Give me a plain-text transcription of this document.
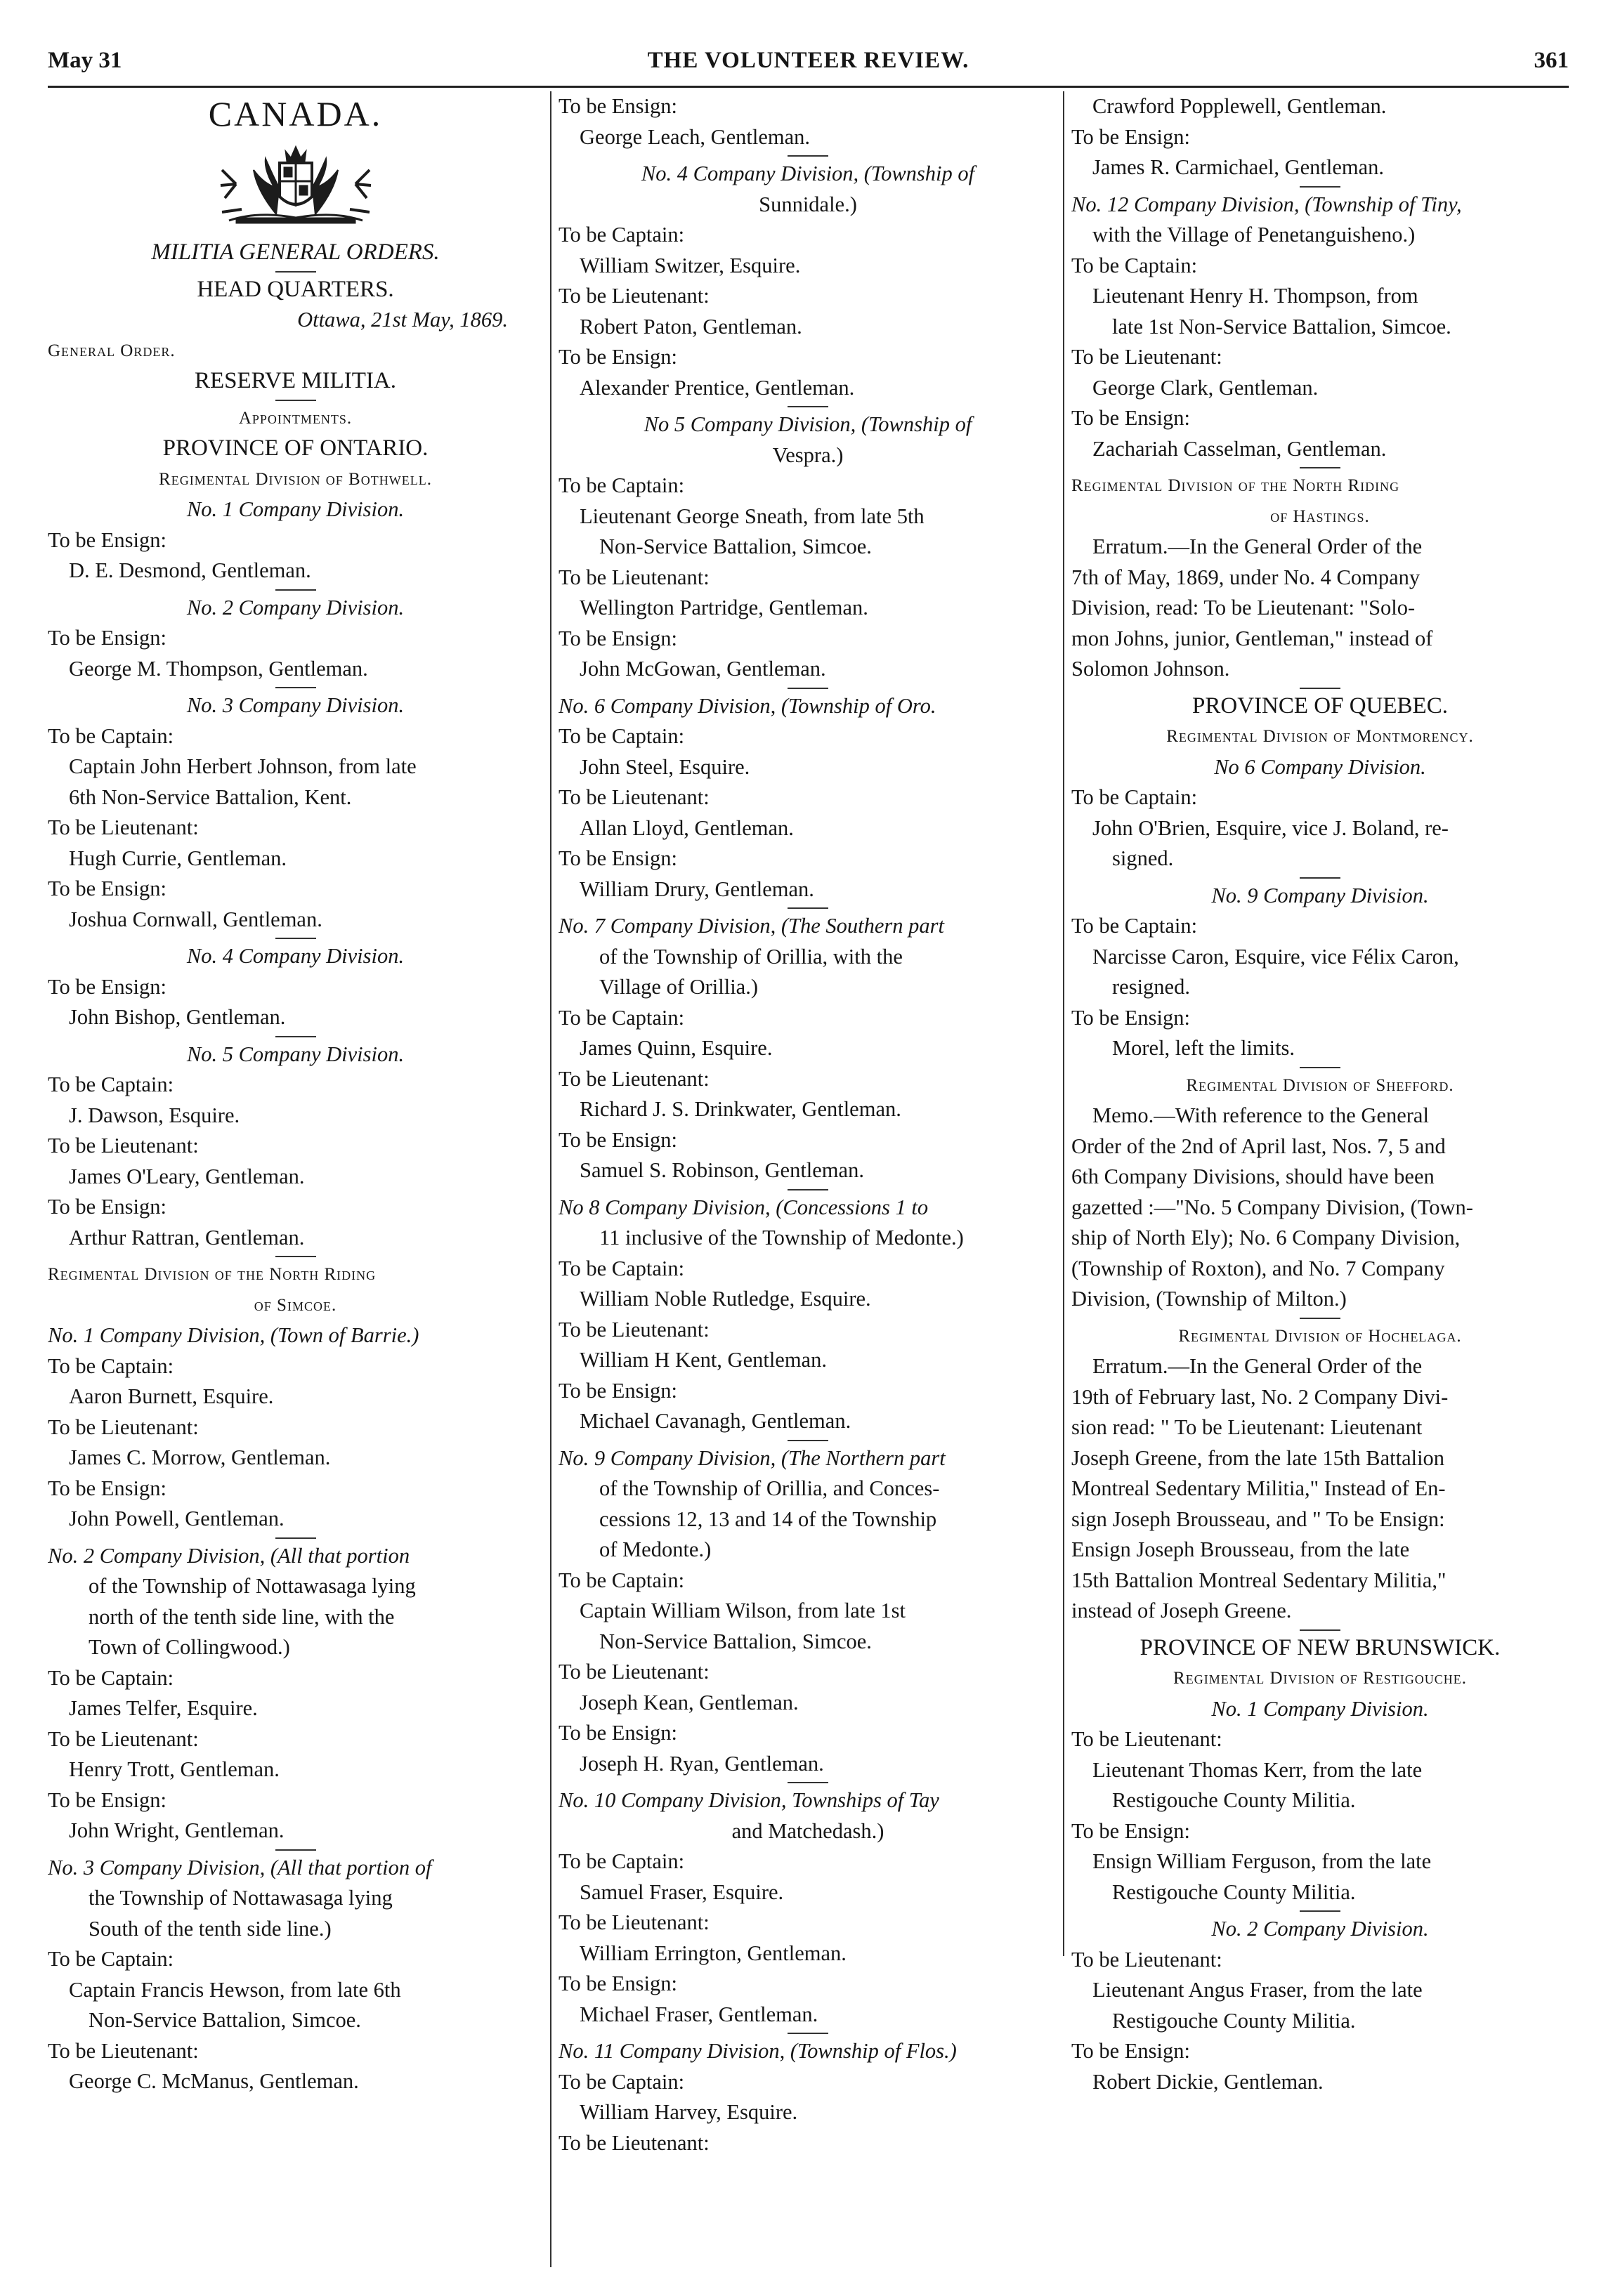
May 31	THE VOLUNTEER REVIEW.	361
CANADA.
MILITIA GENERAL ORDERS.
HEAD QUARTERS.
Ottawa, 21st May, 1869.
General Order.
RESERVE MILITIA.
Appointments.
PROVINCE OF ONTARIO.
Regimental Division of Bothwell.
No. 1 Company Division.
To be Ensign:
D. E. Desmond, Gentleman.
No. 2 Company Division.
To be Ensign:
George M. Thompson, Gentleman.
No. 3 Company Division.
To be Captain:
Captain John Herbert Johnson, from late
6th Non-Service Battalion, Kent.
To be Lieutenant:
Hugh Currie, Gentleman.
To be Ensign:
Joshua Cornwall, Gentleman.
No. 4 Company Division.
To be Ensign:
John Bishop, Gentleman.
No. 5 Company Division.
To be Captain:
J. Dawson, Esquire.
To be Lieutenant:
James O'Leary, Gentleman.
To be Ensign:
Arthur Rattran, Gentleman.
Regimental Division of the North Riding
of Simcoe.
No. 1 Company Division, (Town of Barrie.)
To be Captain:
Aaron Burnett, Esquire.
To be Lieutenant:
James C. Morrow, Gentleman.
To be Ensign:
John Powell, Gentleman.
No. 2 Company Division, (All that portion
of the Township of Nottawasaga lying
north of the tenth side line, with the
Town of Collingwood.)
To be Captain:
James Telfer, Esquire.
To be Lieutenant:
Henry Trott, Gentleman.
To be Ensign:
John Wright, Gentleman.
No. 3 Company Division, (All that portion of
the Township of Nottawasaga lying
South of the tenth side line.)
To be Captain:
Captain Francis Hewson, from late 6th
Non-Service Battalion, Simcoe.
To be Lieutenant:
George C. McManus, Gentleman.
To be Ensign:
George Leach, Gentleman.
No. 4 Company Division, (Township of
Sunnidale.)
To be Captain:
William Switzer, Esquire.
To be Lieutenant:
Robert Paton, Gentleman.
To be Ensign:
Alexander Prentice, Gentleman.
No 5 Company Division, (Township of
Vespra.)
To be Captain:
Lieutenant George Sneath, from late 5th
Non-Service Battalion, Simcoe.
To be Lieutenant:
Wellington Partridge, Gentleman.
To be Ensign:
John McGowan, Gentleman.
No. 6 Company Division, (Township of Oro.
To be Captain:
John Steel, Esquire.
To be Lieutenant:
Allan Lloyd, Gentleman.
To be Ensign:
William Drury, Gentleman.
No. 7 Company Division, (The Southern part
of the Township of Orillia, with the
Village of Orillia.)
To be Captain:
James Quinn, Esquire.
To be Lieutenant:
Richard J. S. Drinkwater, Gentleman.
To be Ensign:
Samuel S. Robinson, Gentleman.
No 8 Company Division, (Concessions 1 to
11 inclusive of the Township of Medonte.)
To be Captain:
William Noble Rutledge, Esquire.
To be Lieutenant:
William H Kent, Gentleman.
To be Ensign:
Michael Cavanagh, Gentleman.
No. 9 Company Division, (The Northern part
of the Township of Orillia, and Conces-
cessions 12, 13 and 14 of the Township
of Medonte.)
To be Captain:
Captain William Wilson, from late 1st
Non-Service Battalion, Simcoe.
To be Lieutenant:
Joseph Kean, Gentleman.
To be Ensign:
Joseph H. Ryan, Gentleman.
No. 10 Company Division, Townships of Tay
and Matchedash.)
To be Captain:
Samuel Fraser, Esquire.
To be Lieutenant:
William Errington, Gentleman.
To be Ensign:
Michael Fraser, Gentleman.
No. 11 Company Division, (Township of Flos.)
To be Captain:
William Harvey, Esquire.
To be Lieutenant:
Crawford Popplewell, Gentleman.
To be Ensign:
James R. Carmichael, Gentleman.
No. 12 Company Division, (Township of Tiny,
with the Village of Penetanguisheno.)
To be Captain:
Lieutenant Henry H. Thompson, from
late 1st Non-Service Battalion, Simcoe.
To be Lieutenant:
George Clark, Gentleman.
To be Ensign:
Zachariah Casselman, Gentleman.
Regimental Division of the North Riding
of Hastings.
Erratum.—In the General Order of the
7th of May, 1869, under No. 4 Company
Division, read: To be Lieutenant: "Solo-
mon Johns, junior, Gentleman," instead of
Solomon Johnson.
PROVINCE OF QUEBEC.
Regimental Division of Montmorency.
No 6 Company Division.
To be Captain:
John O'Brien, Esquire, vice J. Boland, re-
signed.
No. 9 Company Division.
To be Captain:
Narcisse Caron, Esquire, vice Félix Caron,
resigned.
To be Ensign:
Morel, left the limits.
Regimental Division of Shefford.
Memo.—With reference to the General
Order of the 2nd of April last, Nos. 7, 5 and
6th Company Divisions, should have been
gazetted :—"No. 5 Company Division, (Town-
ship of North Ely); No. 6 Company Division,
(Township of Roxton), and No. 7 Company
Division, (Township of Milton.)
Regimental Division of Hochelaga.
Erratum.—In the General Order of the
19th of February last, No. 2 Company Divi-
sion read: " To be Lieutenant: Lieutenant
Joseph Greene, from the late 15th Battalion
Montreal Sedentary Militia," Instead of En-
sign Joseph Brousseau, and " To be Ensign:
Ensign Joseph Brousseau, from the late
15th Battalion Montreal Sedentary Militia,"
instead of Joseph Greene.
PROVINCE OF NEW BRUNSWICK.
Regimental Division of Restigouche.
No. 1 Company Division.
To be Lieutenant:
Lieutenant Thomas Kerr, from the late
Restigouche County Militia.
To be Ensign:
Ensign William Ferguson, from the late
Restigouche County Militia.
No. 2 Company Division.
To be Lieutenant:
Lieutenant Angus Fraser, from the late
Restigouche County Militia.
To be Ensign:
Robert Dickie, Gentleman.
